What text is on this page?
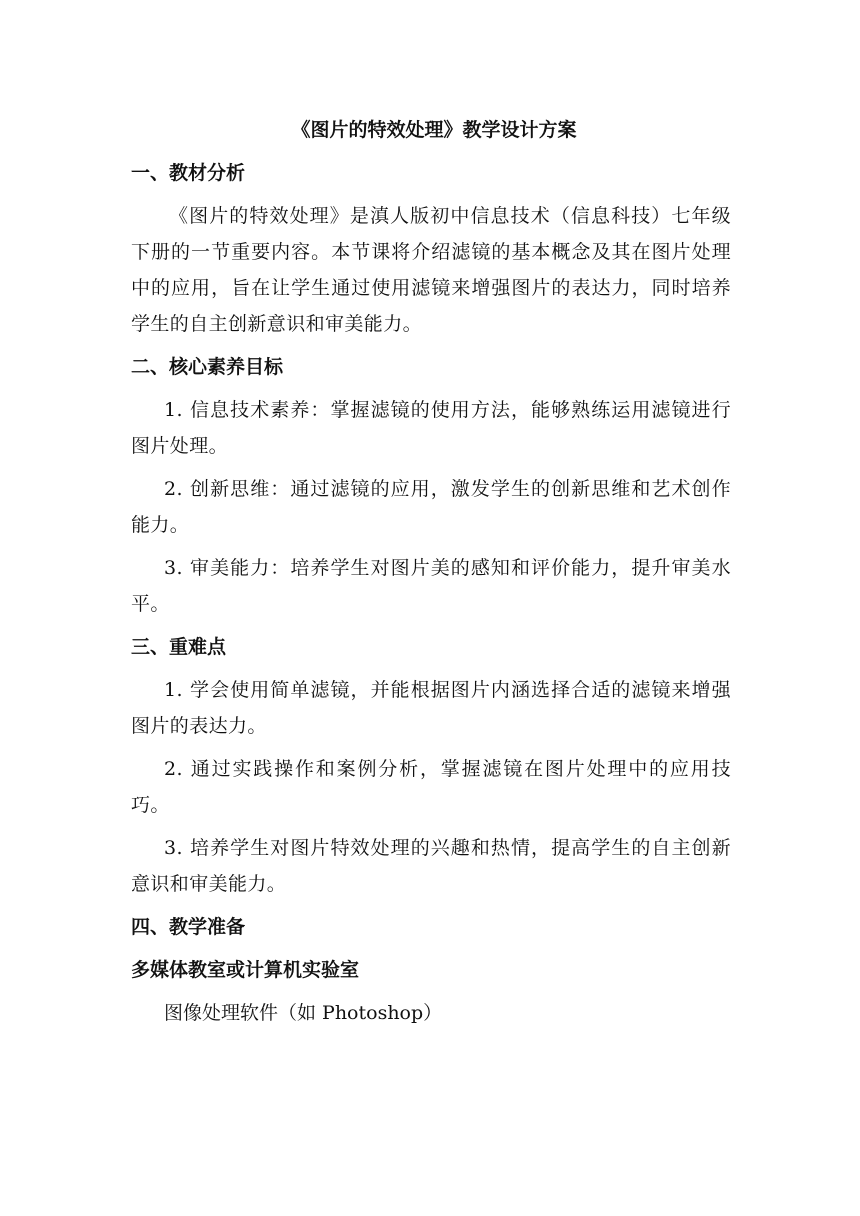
《图片的特效处理》教学设计方案
一、教材分析

《图片的特效处理》是滇人版初中信息技术（信息科技）七年级下册的一节重要内容。本节课将介绍滤镜的基本概念及其在图片处理中的应用，旨在让学生通过使用滤镜来增强图片的表达力，同时培养学生的自主创新意识和审美能力。

二、核心素养目标

1. 信息技术素养：掌握滤镜的使用方法，能够熟练运用滤镜进行图片处理。

2. 创新思维：通过滤镜的应用，激发学生的创新思维和艺术创作能力。

3. 审美能力：培养学生对图片美的感知和评价能力，提升审美水平。

三、重难点

1. 学会使用简单滤镜，并能根据图片内涵选择合适的滤镜来增强图片的表达力。

2. 通过实践操作和案例分析，掌握滤镜在图片处理中的应用技巧。

3. 培养学生对图片特效处理的兴趣和热情，提高学生的自主创新意识和审美能力。

四、教学准备
多媒体教室或计算机实验室

图像处理软件（如 Photoshop）
